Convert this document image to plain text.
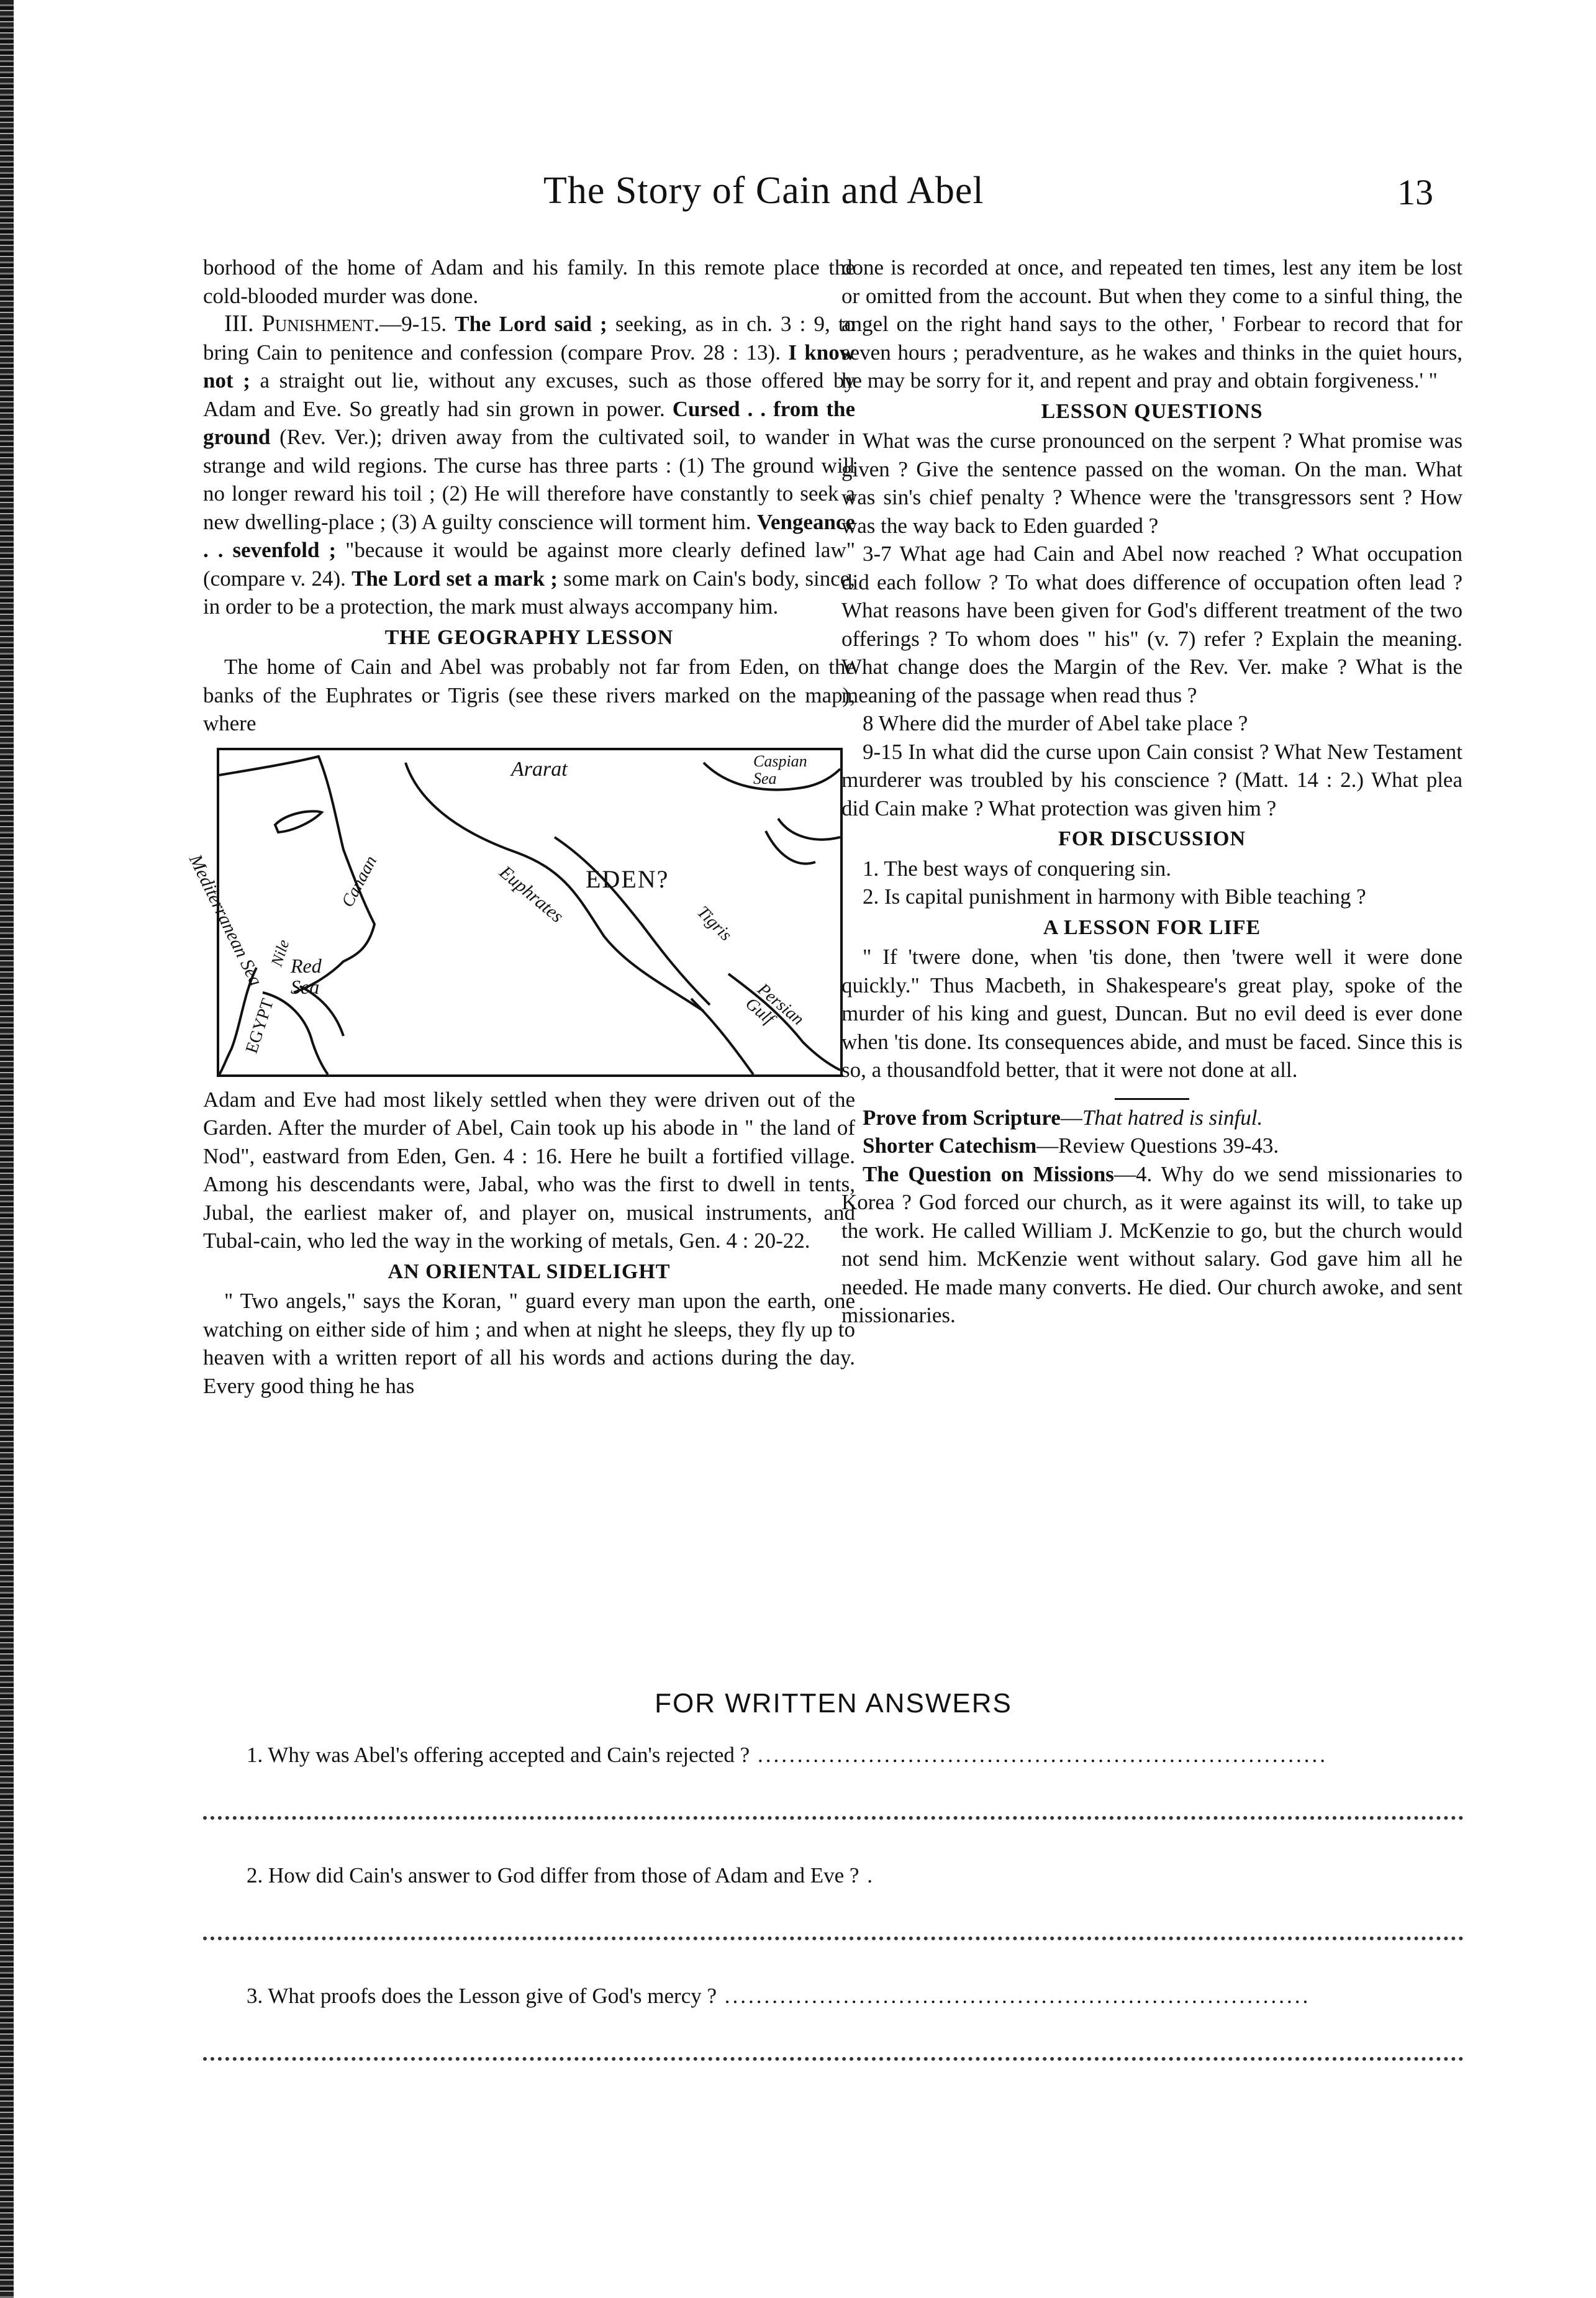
The Story of Cain and Abel	13

borhood of the home of Adam and his family. In this remote place the cold-blooded murder was done.

III. Punishment.—9-15. The Lord said ; seeking, as in ch. 3 : 9, to bring Cain to penitence and confession (compare Prov. 28 : 13). I know not ; a straight out lie, without any excuses, such as those offered by Adam and Eve. So greatly had sin grown in power. Cursed . . from the ground (Rev. Ver.); driven away from the cultivated soil, to wander in strange and wild regions. The curse has three parts : (1) The ground will no longer reward his toil ; (2) He will therefore have constantly to seek a new dwelling-place ; (3) A guilty conscience will torment him. Vengeance . . sevenfold ; "because it would be against more clearly defined law" (compare v. 24). The Lord set a mark ; some mark on Cain's body, since, in order to be a protection, the mark must always accompany him.

THE GEOGRAPHY LESSON

The home of Cain and Abel was probably not far from Eden, on the banks of the Euphrates or Tigris (see these rivers marked on the map), where

Ararat	Caspian Sea
Mediterranean Sea	Canaan	Euphrates EDEN?
Tigris
EGYPT
Nile
Red Sea	Persian Gulf

Adam and Eve had most likely settled when they were driven out of the Garden. After the murder of Abel, Cain took up his abode in " the land of Nod", eastward from Eden, Gen. 4 : 16. Here he built a fortified village. Among his descendants were, Jabal, who was the first to dwell in tents, Jubal, the earliest maker of, and player on, musical instruments, and Tubal-cain, who led the way in the working of metals, Gen. 4 : 20-22.

AN ORIENTAL SIDELIGHT

" Two angels," says the Koran, " guard every man upon the earth, one watching on either side of him ; and when at night he sleeps, they fly up to heaven with a written report of all his words and actions during the day. Every good thing he has

done is recorded at once, and repeated ten times, lest any item be lost or omitted from the account. But when they come to a sinful thing, the angel on the right hand says to the other, ' Forbear to record that for seven hours ; peradventure, as he wakes and thinks in the quiet hours, he may be sorry for it, and repent and pray and obtain forgiveness.' "

LESSON QUESTIONS

What was the curse pronounced on the serpent ? What promise was given ? Give the sentence passed on the woman. On the man. What was sin's chief penalty ? Whence were the 'transgressors sent ? How was the way back to Eden guarded ?

3-7 What age had Cain and Abel now reached ? What occupation did each follow ? To what does difference of occupation often lead ? What reasons have been given for God's different treatment of the two offerings ? To whom does " his" (v. 7) refer ? Explain the meaning. What change does the Margin of the Rev. Ver. make ? What is the meaning of the passage when read thus ?

8 Where did the murder of Abel take place ?

9-15 In what did the curse upon Cain consist ? What New Testament murderer was troubled by his conscience ? (Matt. 14 : 2.) What plea did Cain make ? What protection was given him ?

FOR DISCUSSION

1. The best ways of conquering sin.

2. Is capital punishment in harmony with Bible teaching ?

A LESSON FOR LIFE

" If 'twere done, when 'tis done, then 'twere well it were done quickly." Thus Macbeth, in Shakespeare's great play, spoke of the murder of his king and guest, Duncan. But no evil deed is ever done when 'tis done. Its consequences abide, and must be faced. Since this is so, a thousandfold better, that it were not done at all.

Prove from Scripture—That hatred is sinful.

Shorter Catechism—Review Questions 39-43.

The Question on Missions—4. Why do we send missionaries to Korea ? God forced our church, as it were against its will, to take up the work. He called William J. McKenzie to go, but the church would not send him. McKenzie went without salary. God gave him all he needed. He made many converts. He died. Our church awoke, and sent missionaries.

FOR WRITTEN ANSWERS
1. Why was Abel's offering accepted and Cain's rejected ? ........................................................................
2. How did Cain's answer to God differ from those of Adam and Eve ? .
3. What proofs does the Lesson give of God's mercy ? ..........................................................................
